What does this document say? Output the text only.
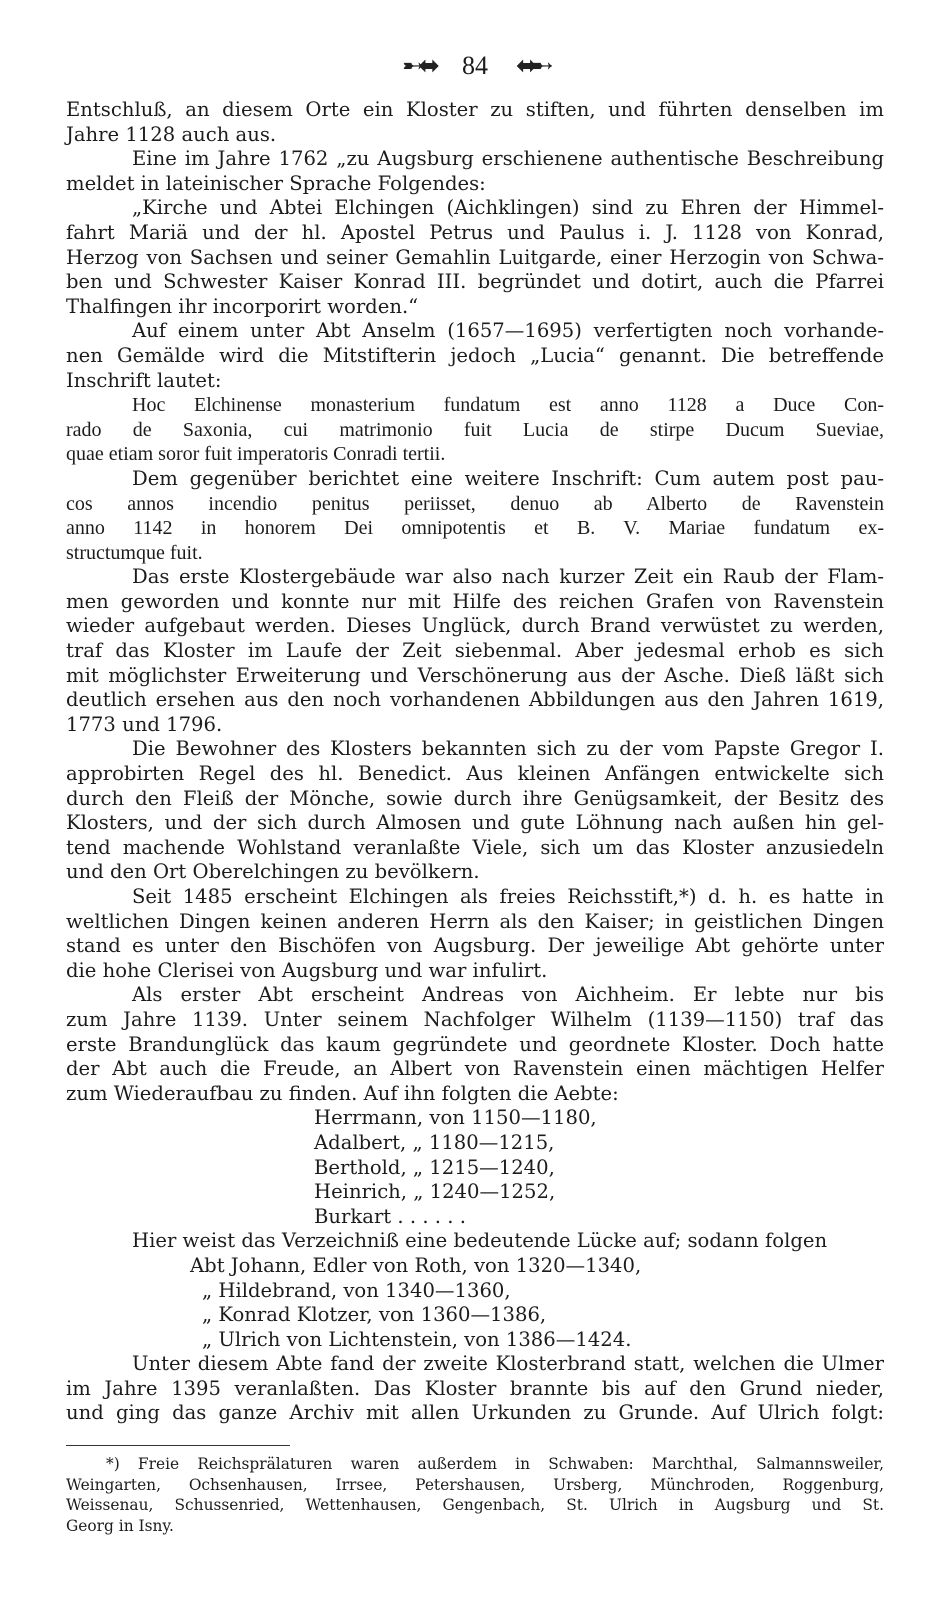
➸⬌ 84 ⬌➸
Entschluß, an diesem Orte ein Kloster zu stiften, und führten denselben im
Jahre 1128 auch aus.
Eine im Jahre 1762 „zu Augsburg erschienene authentische Beschreibung
meldet in lateinischer Sprache Folgendes:
„Kirche und Abtei Elchingen (Aichklingen) sind zu Ehren der Himmel-
fahrt Mariä und der hl. Apostel Petrus und Paulus i. J. 1128 von Konrad,
Herzog von Sachsen und seiner Gemahlin Luitgarde, einer Herzogin von Schwa-
ben und Schwester Kaiser Konrad III. begründet und dotirt, auch die Pfarrei
Thalfingen ihr incorporirt worden.“
Auf einem unter Abt Anselm (1657—1695) verfertigten noch vorhande-
nen Gemälde wird die Mitstifterin jedoch „Lucia“ genannt. Die betreffende
Inschrift lautet:
Hoc Elchinense monasterium fundatum est anno 1128 a Duce Con-
rado de Saxonia, cui matrimonio fuit Lucia de stirpe Ducum Sueviae,
quae etiam soror fuit imperatoris Conradi tertii.
Dem gegenüber berichtet eine weitere Inschrift: Cum autem post pau-
cos annos incendio penitus periisset, denuo ab Alberto de Ravenstein
anno 1142 in honorem Dei omnipotentis et B. V. Mariae fundatum ex-
structumque fuit.
Das erste Klostergebäude war also nach kurzer Zeit ein Raub der Flam-
men geworden und konnte nur mit Hilfe des reichen Grafen von Ravenstein
wieder aufgebaut werden. Dieses Unglück, durch Brand verwüstet zu werden,
traf das Kloster im Laufe der Zeit siebenmal. Aber jedesmal erhob es sich
mit möglichster Erweiterung und Verschönerung aus der Asche. Dieß läßt sich
deutlich ersehen aus den noch vorhandenen Abbildungen aus den Jahren 1619,
1773 und 1796.
Die Bewohner des Klosters bekannten sich zu der vom Papste Gregor I.
approbirten Regel des hl. Benedict. Aus kleinen Anfängen entwickelte sich
durch den Fleiß der Mönche, sowie durch ihre Genügsamkeit, der Besitz des
Klosters, und der sich durch Almosen und gute Löhnung nach außen hin gel-
tend machende Wohlstand veranlaßte Viele, sich um das Kloster anzusiedeln
und den Ort Oberelchingen zu bevölkern.
Seit 1485 erscheint Elchingen als freies Reichsstift,*) d. h. es hatte in
weltlichen Dingen keinen anderen Herrn als den Kaiser; in geistlichen Dingen
stand es unter den Bischöfen von Augsburg. Der jeweilige Abt gehörte unter
die hohe Clerisei von Augsburg und war infulirt.
Als erster Abt erscheint Andreas von Aichheim. Er lebte nur bis
zum Jahre 1139. Unter seinem Nachfolger Wilhelm (1139—1150) traf das
erste Brandunglück das kaum gegründete und geordnete Kloster. Doch hatte
der Abt auch die Freude, an Albert von Ravenstein einen mächtigen Helfer
zum Wiederaufbau zu finden. Auf ihn folgten die Aebte:
Herrmann, von 1150—1180,
Adalbert, „ 1180—1215,
Berthold, „ 1215—1240,
Heinrich, „ 1240—1252,
Burkart . . . . . .
Hier weist das Verzeichniß eine bedeutende Lücke auf; sodann folgen
Abt Johann, Edler von Roth, von 1320—1340,
„ Hildebrand, von 1340—1360,
„ Konrad Klotzer, von 1360—1386,
„ Ulrich von Lichtenstein, von 1386—1424.
Unter diesem Abte fand der zweite Klosterbrand statt, welchen die Ulmer
im Jahre 1395 veranlaßten. Das Kloster brannte bis auf den Grund nieder,
und ging das ganze Archiv mit allen Urkunden zu Grunde. Auf Ulrich folgt:
*) Freie Reichsprälaturen waren außerdem in Schwaben: Marchthal, Salmannsweiler,
Weingarten, Ochsenhausen, Irrsee, Petershausen, Ursberg, Münchroden, Roggenburg,
Weissenau, Schussenried, Wettenhausen, Gengenbach, St. Ulrich in Augsburg und St.
Georg in Isny.
